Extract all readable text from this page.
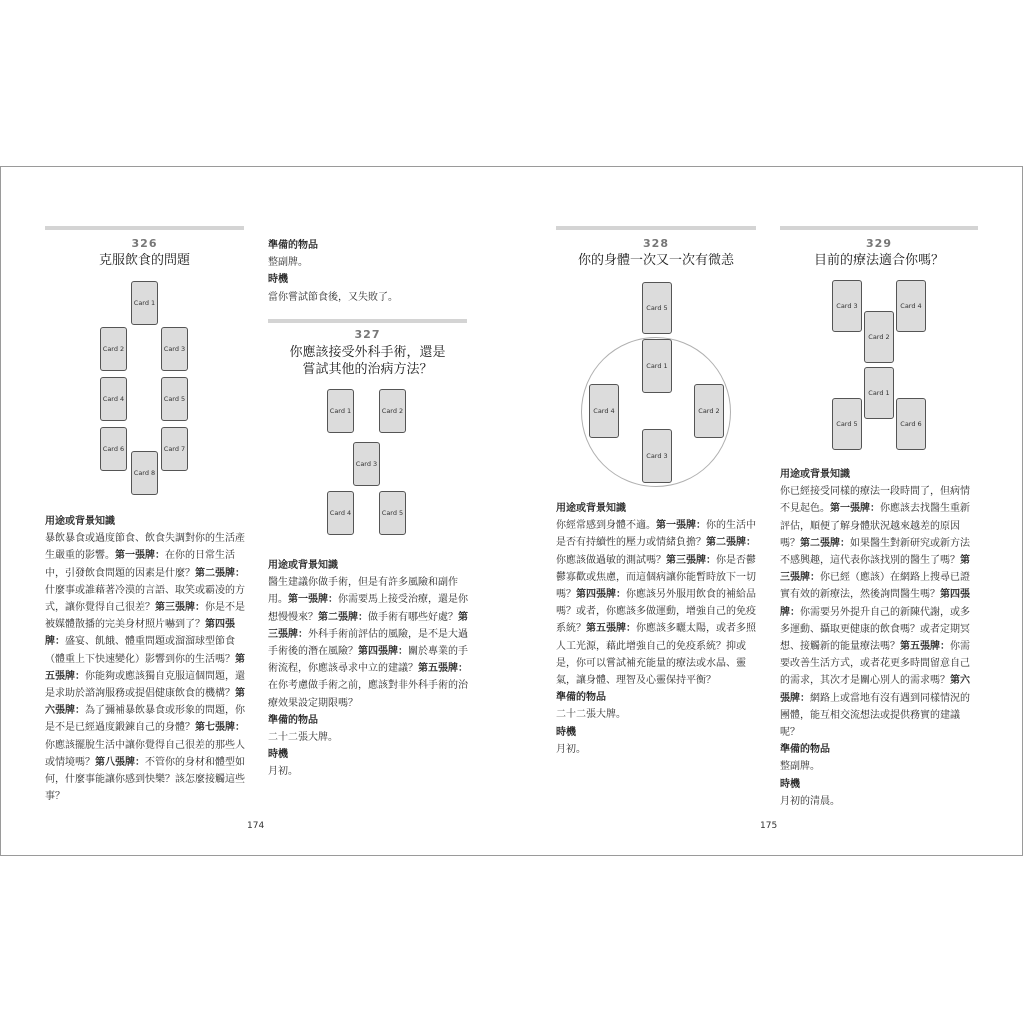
326
克服飲食的問題
Card 1
Card 2	Card 3
Card 4	Card 5
Card 6	Card 7
Card 8

用途或背景知識

暴飲暴食或過度節食、飲食失調對你的生活產生嚴重的影響。第一張牌：在你的日常生活中，引發飲食問題的因素是什麼？第二張牌：什麼事或誰藉著冷漠的言語、取笑或霸凌的方式，讓你覺得自己很差？第三張牌：你是不是被媒體散播的完美身材照片嚇到了？第四張牌：盛宴、飢餓、體重問題或溜溜球型節食（體重上下快速變化）影響到你的生活嗎？第五張牌：你能夠或應該獨自克服這個問題，還是求助於諮詢服務或提倡健康飲食的機構？第六張牌：為了彌補暴飲暴食或形象的問題，你是不是已經過度鍛鍊自己的身體？第七張牌：你應該擺脫生活中讓你覺得自己很差的那些人或情境嗎？第八張牌：不管你的身材和體型如何，什麼事能讓你感到快樂？該怎麼接觸這些事？

準備的物品

整副牌。

時機

當你嘗試節食後，又失敗了。

327
你應該接受外科手術，還是
嘗試其他的治病方法？
Card 1	Card 2
Card 3
Card 4	Card 5

用途或背景知識

醫生建議你做手術，但是有許多風險和副作用。第一張牌：你需要馬上接受治療，還是你想慢慢來？第二張牌：做手術有哪些好處？第三張牌：外科手術前評估的風險，是不是大過手術後的潛在風險？第四張牌：關於專業的手術流程，你應該尋求中立的建議？第五張牌：在你考慮做手術之前，應該對非外科手術的治療效果設定期限嗎？

準備的物品

二十二張大牌。

時機

月初。

174
328
你的身體一次又一次有微恙
Card 5
Card 1
Card 4	Card 2
Card 3

用途或背景知識

你經常感到身體不適。第一張牌：你的生活中是否有持續性的壓力或情緒負擔？第二張牌：你應該做過敏的測試嗎？第三張牌：你是否鬱鬱寡歡或焦慮，而這個病讓你能暫時放下一切嗎？第四張牌：你應該另外服用飲食的補給品嗎？或者，你應該多做運動，增強自己的免疫系統？第五張牌：你應該多曬太陽，或者多照人工光源，藉此增強自己的免疫系統？抑或是，你可以嘗試補充能量的療法或水晶、靈氣，讓身體、理智及心靈保持平衡？

準備的物品

二十二張大牌。

時機

月初。

175
329
目前的療法適合你嗎？
Card 3	Card 4
Card 2
Card 1
Card 5	Card 6

用途或背景知識

你已經接受同樣的療法一段時間了，但病情不見起色。第一張牌：你應該去找醫生重新評估，順便了解身體狀況越來越差的原因嗎？第二張牌：如果醫生對新研究或新方法不感興趣，這代表你該找別的醫生了嗎？第三張牌：你已經（應該）在網路上搜尋已證實有效的新療法，然後詢問醫生嗎？第四張牌：你需要另外提升自己的新陳代謝，或多多運動、攝取更健康的飲食嗎？或者定期冥想、接觸新的能量療法嗎？第五張牌：你需要改善生活方式，或者花更多時間留意自己的需求，其次才是關心別人的需求嗎？第六張牌：網路上或當地有沒有遇到同樣情況的團體，能互相交流想法或提供務實的建議呢？

準備的物品

整副牌。

時機

月初的清晨。
